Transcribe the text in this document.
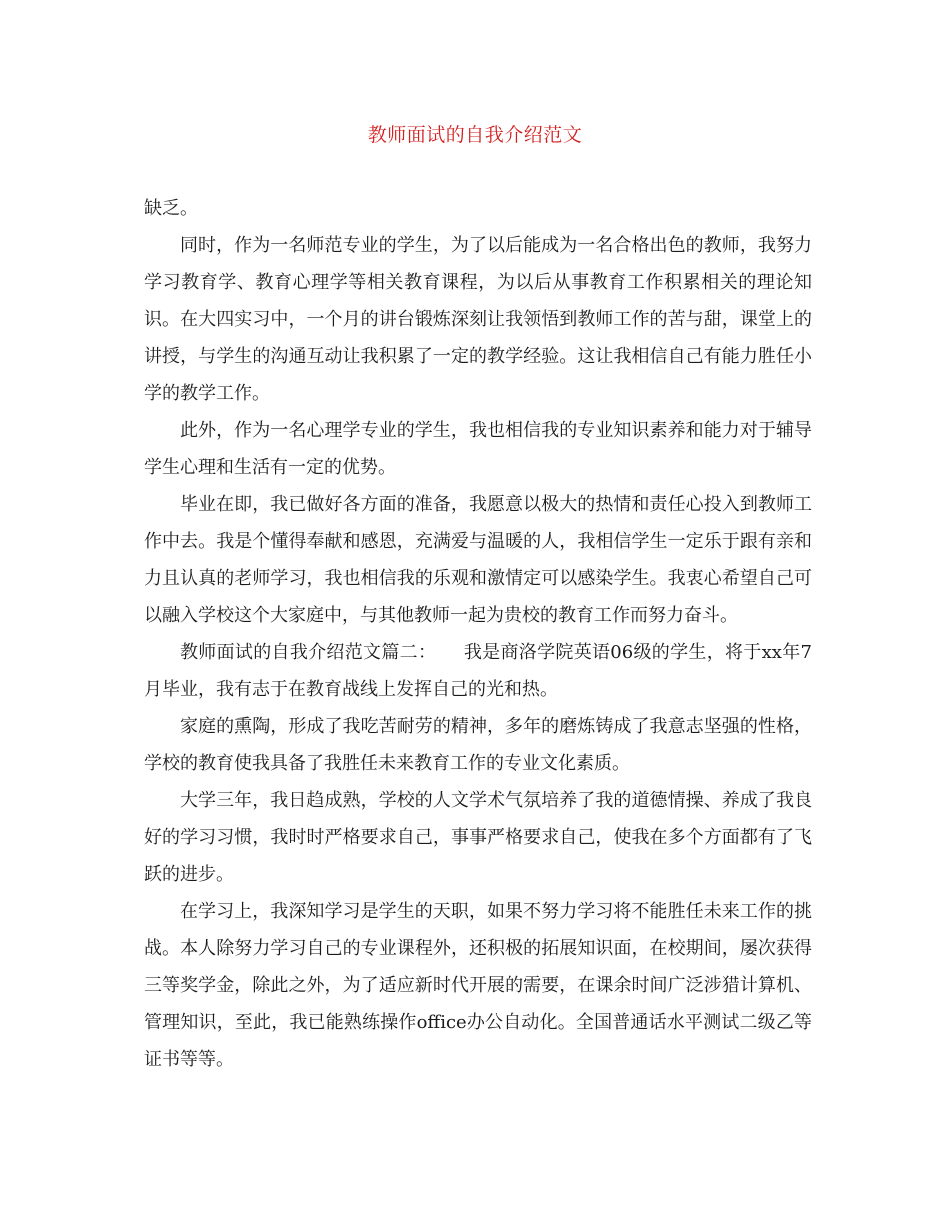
教师面试的自我介绍范文

缺乏。

同时，作为一名师范专业的学生，为了以后能成为一名合格出色的教师，我努力学习教育学、教育心理学等相关教育课程，为以后从事教育工作积累相关的理论知识。在大四实习中，一个月的讲台锻炼深刻让我领悟到教师工作的苦与甜，课堂上的讲授，与学生的沟通互动让我积累了一定的教学经验。这让我相信自己有能力胜任小学的教学工作。

此外，作为一名心理学专业的学生，我也相信我的专业知识素养和能力对于辅导学生心理和生活有一定的优势。

毕业在即，我已做好各方面的准备，我愿意以极大的热情和责任心投入到教师工作中去。我是个懂得奉献和感恩，充满爱与温暖的人，我相信学生一定乐于跟有亲和力且认真的老师学习，我也相信我的乐观和激情定可以感染学生。我衷心希望自己可以融入学校这个大家庭中，与其他教师一起为贵校的教育工作而努力奋斗。

教师面试的自我介绍范文篇二：　　我是商洛学院英语06级的学生，将于xx年7月毕业，我有志于在教育战线上发挥自己的光和热。

家庭的熏陶，形成了我吃苦耐劳的精神，多年的磨炼铸成了我意志坚强的性格，学校的教育使我具备了我胜任未来教育工作的专业文化素质。

大学三年，我日趋成熟，学校的人文学术气氛培养了我的道德情操、养成了我良好的学习习惯，我时时严格要求自己，事事严格要求自己，使我在多个方面都有了飞跃的进步。

在学习上，我深知学习是学生的天职，如果不努力学习将不能胜任未来工作的挑战。本人除努力学习自己的专业课程外，还积极的拓展知识面，在校期间，屡次获得三等奖学金，除此之外，为了适应新时代开展的需要，在课余时间广泛涉猎计算机、管理知识，至此，我已能熟练操作office办公自动化。全国普通话水平测试二级乙等证书等等。
